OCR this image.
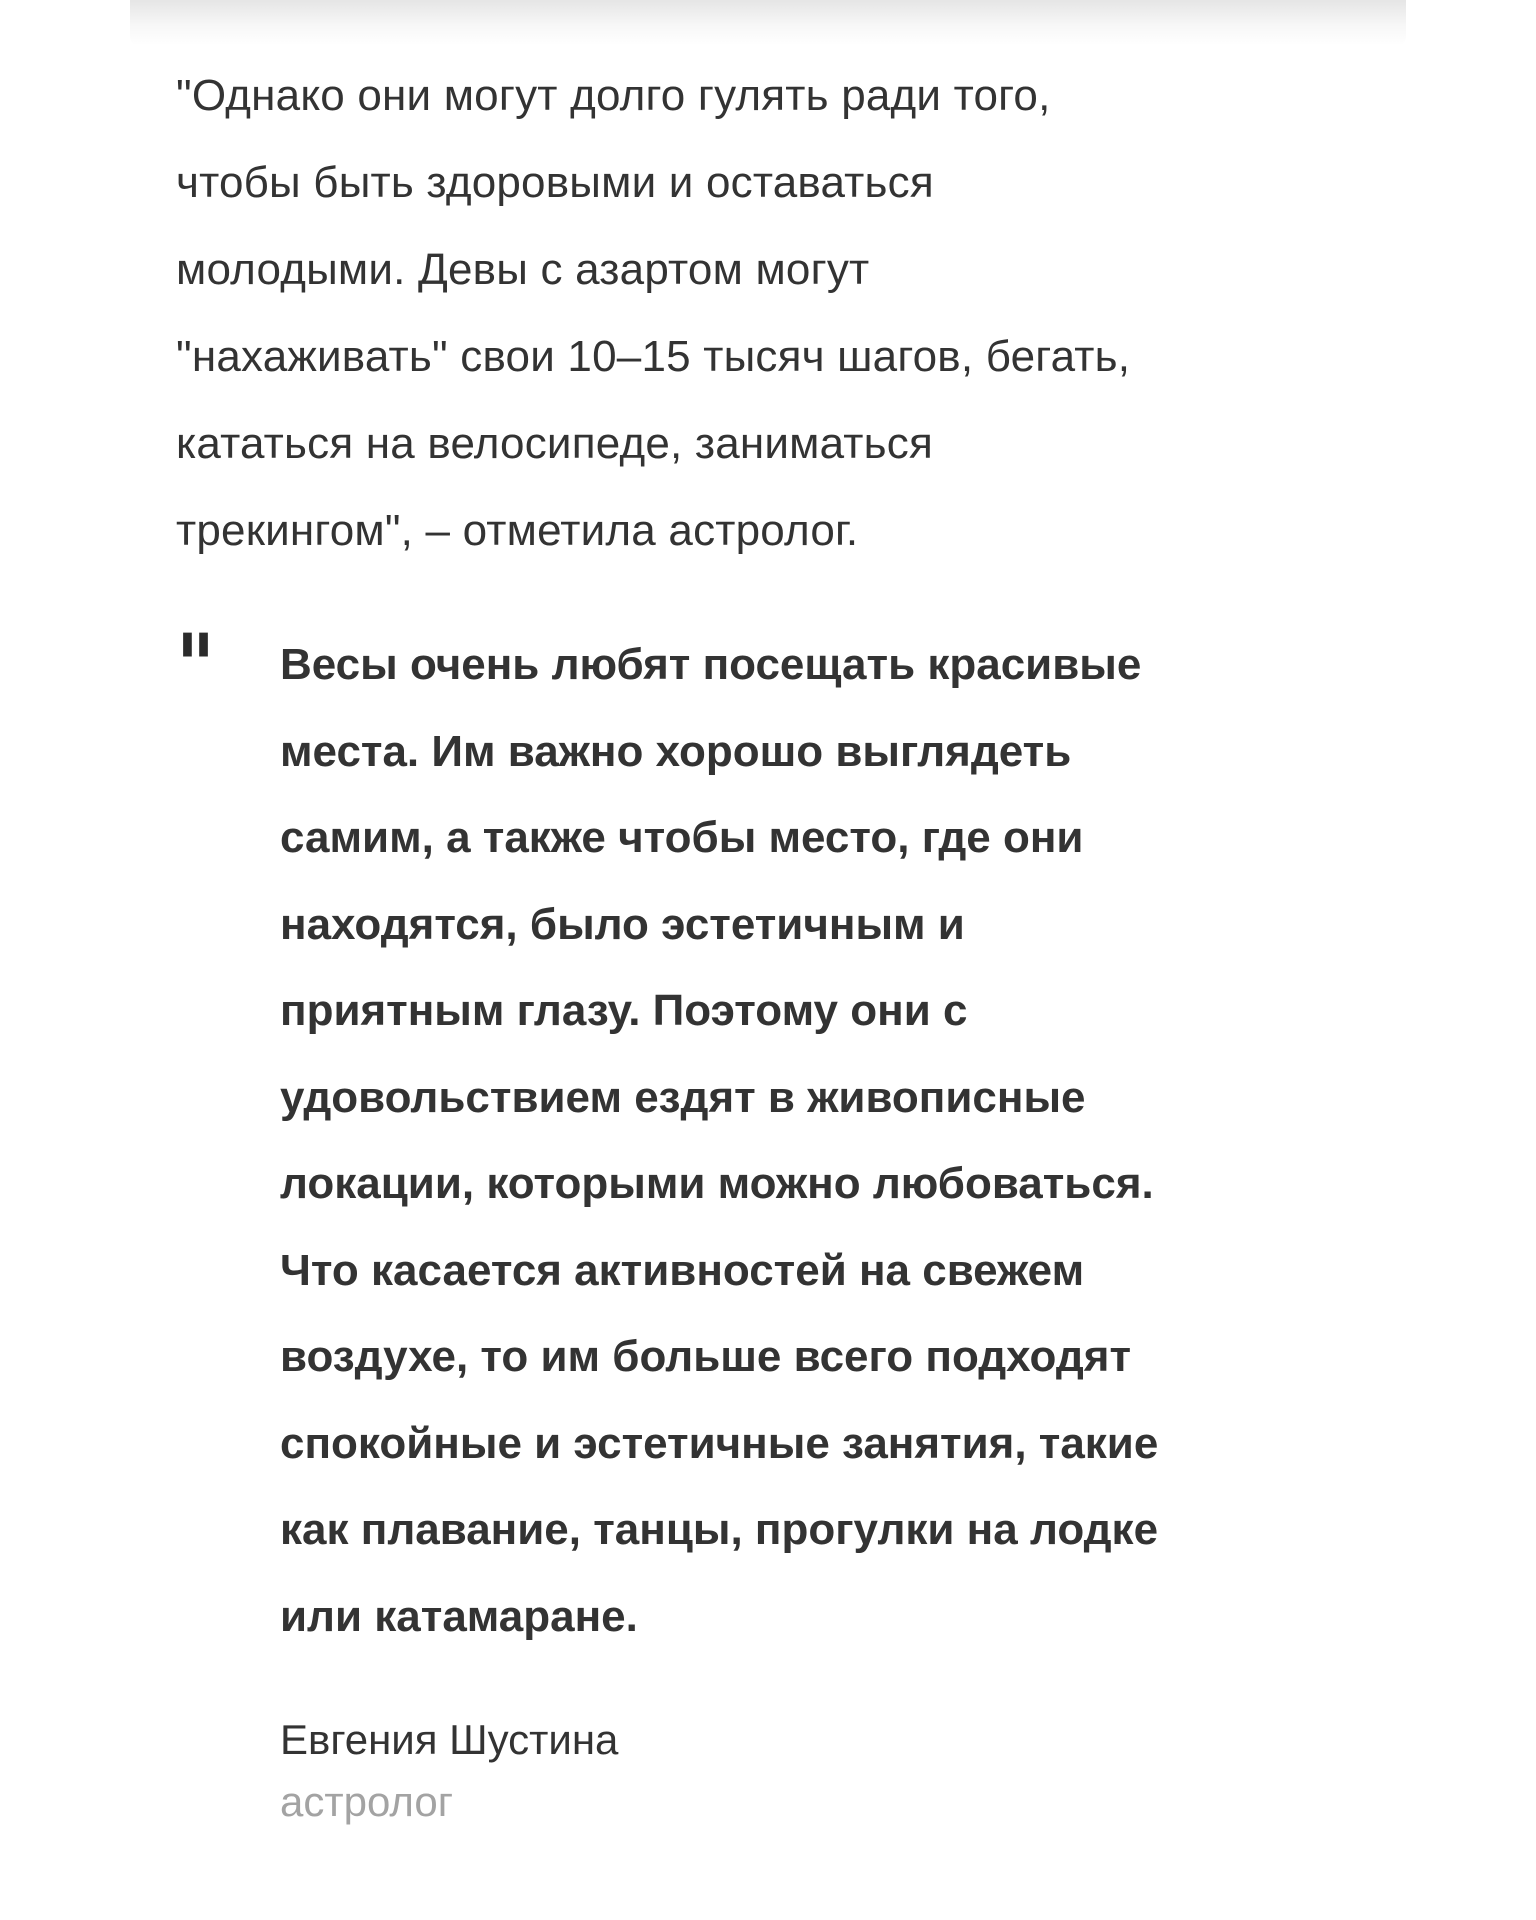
"Однако они могут долго гулять ради того,
чтобы быть здоровыми и оставаться
молодыми. Девы с азартом могут
"нахаживать" свои 10–15 тысяч шагов, бегать,
кататься на велосипеде, заниматься
трекингом", – отметила астролог.

" Весы очень любят посещать красивые
места. Им важно хорошо выглядеть
самим, а также чтобы место, где они
находятся, было эстетичным и
приятным глазу. Поэтому они с
удовольствием ездят в живописные
локации, которыми можно любоваться.
Что касается активностей на свежем
воздухе, то им больше всего подходят
спокойные и эстетичные занятия, такие
как плавание, танцы, прогулки на лодке
или катамаране.
Евгения Шустина
астролог
